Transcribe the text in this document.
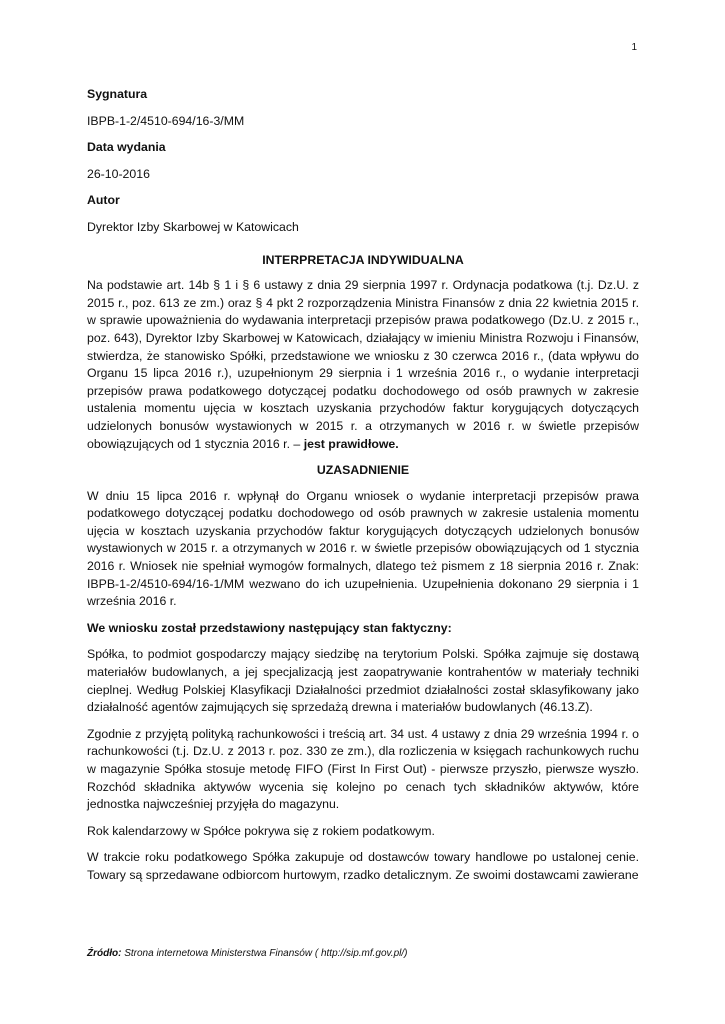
1

Sygnatura

IBPB-1-2/4510-694/16-3/MM

Data wydania

26-10-2016

Autor

Dyrektor Izby Skarbowej w Katowicach

INTERPRETACJA INDYWIDUALNA

Na podstawie art. 14b § 1 i § 6 ustawy z dnia 29 sierpnia 1997 r. Ordynacja podatkowa (t.j. Dz.U. z 2015 r., poz. 613 ze zm.) oraz § 4 pkt 2 rozporządzenia Ministra Finansów z dnia 22 kwietnia 2015 r. w sprawie upoważnienia do wydawania interpretacji przepisów prawa podatkowego (Dz.U. z 2015 r., poz. 643), Dyrektor Izby Skarbowej w Katowicach, działający w imieniu Ministra Rozwoju i Finansów, stwierdza, że stanowisko Spółki, przedstawione we wniosku z 30 czerwca 2016 r., (data wpływu do Organu 15 lipca 2016 r.), uzupełnionym 29 sierpnia i 1 września 2016 r., o wydanie interpretacji przepisów prawa podatkowego dotyczącej podatku dochodowego od osób prawnych w zakresie ustalenia momentu ujęcia w kosztach uzyskania przychodów faktur korygujących dotyczących udzielonych bonusów wystawionych w 2015 r. a otrzymanych w 2016 r. w świetle przepisów obowiązujących od 1 stycznia 2016 r. – jest prawidłowe.

UZASADNIENIE

W dniu 15 lipca 2016 r. wpłynął do Organu wniosek o wydanie interpretacji przepisów prawa podatkowego dotyczącej podatku dochodowego od osób prawnych w zakresie ustalenia momentu ujęcia w kosztach uzyskania przychodów faktur korygujących dotyczących udzielonych bonusów wystawionych w 2015 r. a otrzymanych w 2016 r. w świetle przepisów obowiązujących od 1 stycznia 2016 r. Wniosek nie spełniał wymogów formalnych, dlatego też pismem z 18 sierpnia 2016 r. Znak: IBPB-1-2/4510-694/16-1/MM wezwano do ich uzupełnienia. Uzupełnienia dokonano 29 sierpnia i 1 września 2016 r.

We wniosku został przedstawiony następujący stan faktyczny:

Spółka, to podmiot gospodarczy mający siedzibę na terytorium Polski. Spółka zajmuje się dostawą materiałów budowlanych, a jej specjalizacją jest zaopatrywanie kontrahentów w materiały techniki cieplnej. Według Polskiej Klasyfikacji Działalności przedmiot działalności został sklasyfikowany jako działalność agentów zajmujących się sprzedażą drewna i materiałów budowlanych (46.13.Z).

Zgodnie z przyjętą polityką rachunkowości i treścią art. 34 ust. 4 ustawy z dnia 29 września 1994 r. o rachunkowości (t.j. Dz.U. z 2013 r. poz. 330 ze zm.), dla rozliczenia w księgach rachunkowych ruchu w magazynie Spółka stosuje metodę FIFO (First In First Out) - pierwsze przyszło, pierwsze wyszło. Rozchód składnika aktywów wycenia się kolejno po cenach tych składników aktywów, które jednostka najwcześniej przyjęła do magazynu.

Rok kalendarzowy w Spółce pokrywa się z rokiem podatkowym.

W trakcie roku podatkowego Spółka zakupuje od dostawców towary handlowe po ustalonej cenie. Towary są sprzedawane odbiorcom hurtowym, rzadko detalicznym. Ze swoimi dostawcami zawierane

Źródło: Strona internetowa Ministerstwa Finansów ( http://sip.mf.gov.pl/)
